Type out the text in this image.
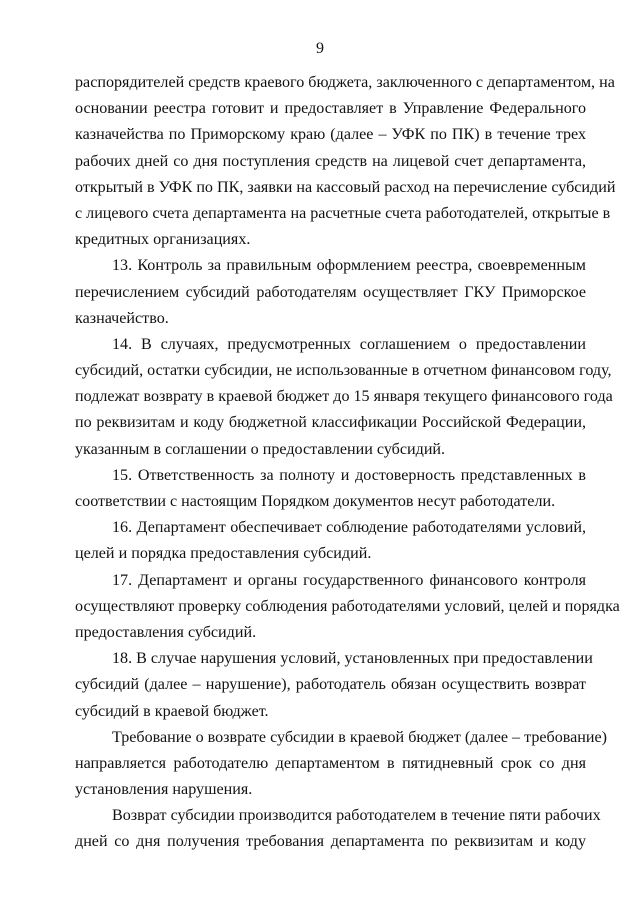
9
распорядителей средств краевого бюджета, заключенного с департаментом, на
основании реестра готовит и предоставляет в Управление Федерального
казначейства по Приморскому краю (далее – УФК по ПК) в течение трех
рабочих дней со дня поступления средств на лицевой счет департамента,
открытый в УФК по ПК, заявки на кассовый расход на перечисление субсидий
с лицевого счета департамента на расчетные счета работодателей, открытые в
кредитных организациях.
13. Контроль за правильным оформлением реестра, своевременным
перечислением субсидий работодателям осуществляет ГКУ Приморское
казначейство.
14. В случаях, предусмотренных соглашением о предоставлении
субсидий, остатки субсидии, не использованные в отчетном финансовом году,
подлежат возврату в краевой бюджет до 15 января текущего финансового года
по реквизитам и коду бюджетной классификации Российской Федерации,
указанным в соглашении о предоставлении субсидий.
15. Ответственность за полноту и достоверность представленных в
соответствии с настоящим Порядком документов несут работодатели.
16. Департамент обеспечивает соблюдение работодателями условий,
целей и порядка предоставления субсидий.
17. Департамент и органы государственного финансового контроля
осуществляют проверку соблюдения работодателями условий, целей и порядка
предоставления субсидий.
18. В случае нарушения условий, установленных при предоставлении
субсидий (далее – нарушение), работодатель обязан осуществить возврат
субсидий в краевой бюджет.
Требование о возврате субсидии в краевой бюджет (далее – требование)
направляется работодателю департаментом в пятидневный срок со дня
установления нарушения.
Возврат субсидии производится работодателем в течение пяти рабочих
дней со дня получения требования департамента по реквизитам и коду
